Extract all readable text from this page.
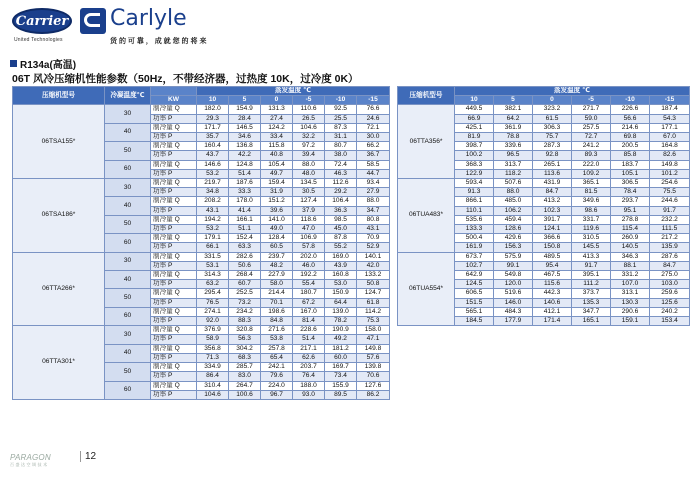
Carrier
United Technologies
Carlyle
货 的 可 靠 ， 成 就 您 的 将 来
R134a(高温)
06T 风冷压缩机性能参数（50Hz，不带经济器，过热度 10K，过冷度 0K）
压缩机型号	冷凝温度℃		蒸发温度 ℃					
		KW	10	5	0	-5	-10	-15
06TSA155*	30	制冷量 Q	182.0	154.9	131.3	110.6	92.5	76.6
		功率 P	29.3	28.4	27.4	26.5	25.5	24.6
	40	制冷量 Q	171.7	146.5	124.2	104.6	87.3	72.1
		功率 P	35.7	34.6	33.4	32.2	31.1	30.0
	50	制冷量 Q	160.4	136.8	115.8	97.2	80.7	66.2
		功率 P	43.7	42.2	40.8	39.4	38.0	36.7
	60	制冷量 Q	146.6	124.8	105.4	88.0	72.4	58.5
		功率 P	53.2	51.4	49.7	48.0	46.3	44.7
06TSA186*	30	制冷量 Q	219.7	187.6	159.4	134.5	112.6	93.4
		功率 P	34.8	33.3	31.9	30.5	29.2	27.9
	40	制冷量 Q	208.2	178.0	151.2	127.4	106.4	88.0
		功率 P	43.1	41.4	39.6	37.9	36.3	34.7
	50	制冷量 Q	194.2	166.1	141.0	118.6	98.5	80.8
		功率 P	53.2	51.1	49.0	47.0	45.0	43.1
	60	制冷量 Q	179.1	152.4	128.4	106.9	87.8	70.9
		功率 P	66.1	63.3	60.5	57.8	55.2	52.9
06TTA266*	30	制冷量 Q	331.5	282.6	239.7	202.0	169.0	140.1
		功率 P	53.1	50.6	48.2	46.0	43.9	42.0
	40	制冷量 Q	314.3	268.4	227.9	192.2	160.8	133.2
		功率 P	63.2	60.7	58.0	55.4	53.0	50.8
	50	制冷量 Q	295.4	252.5	214.4	180.7	150.9	124.7
		功率 P	76.5	73.2	70.1	67.2	64.4	61.8
	60	制冷量 Q	274.1	234.2	198.6	167.0	139.0	114.2
		功率 P	92.0	88.3	84.8	81.4	78.2	75.3
06TTA301*	30	制冷量 Q	376.9	320.8	271.6	228.6	190.9	158.0
		功率 P	58.9	56.3	53.8	51.4	49.2	47.1
	40	制冷量 Q	356.8	304.2	257.8	217.1	181.2	149.8
		功率 P	71.3	68.3	65.4	62.6	60.0	57.6
	50	制冷量 Q	334.9	285.7	242.1	203.7	169.7	139.8
		功率 P	86.4	83.0	79.6	76.4	73.4	70.6
	60	制冷量 Q	310.4	264.7	224.0	188.0	155.9	127.6
		功率 P	104.6	100.6	96.7	93.0	89.5	86.2
压缩机型号	蒸发温度 ℃					
	10	5	0	-5	-10	-15
06TTA356*	449.5	382.1	323.2	271.7	226.6	187.4
	66.9	64.2	61.5	59.0	56.6	54.3
	425.1	361.9	306.3	257.5	214.6	177.1
	81.9	78.8	75.7	72.7	69.8	67.0
	398.7	339.6	287.3	241.2	200.5	164.8
	100.2	96.5	92.8	89.3	85.8	82.6
	368.3	313.7	265.1	222.0	183.7	149.8
	122.9	118.2	113.6	109.2	105.1	101.2
06TUA483*	593.4	507.6	431.9	365.1	306.5	254.6
	91.3	88.0	84.7	81.5	78.4	75.5
	866.1	485.0	413.2	349.6	293.7	244.6
	110.1	106.2	102.3	98.6	95.1	91.7
	535.6	459.4	391.7	331.7	278.8	232.2
	133.3	128.6	124.1	119.6	115.4	111.5
	500.4	429.6	366.6	310.5	260.9	217.2
	161.9	156.3	150.8	145.5	140.5	135.9
06TUA554*	673.7	575.9	489.5	413.3	346.3	287.6
	102.7	99.1	95.4	91.7	88.1	84.7
	642.9	549.8	467.5	395.1	331.2	275.0
	124.5	120.0	115.6	111.2	107.0	103.0
	606.5	519.6	442.3	373.7	313.1	259.6
	151.5	146.0	140.6	135.3	130.3	125.6
	565.1	484.3	412.1	347.7	290.6	240.2
	184.5	177.9	171.4	165.1	159.1	153.4
PARAGON
百 盛 达 空 调 技 术
12
